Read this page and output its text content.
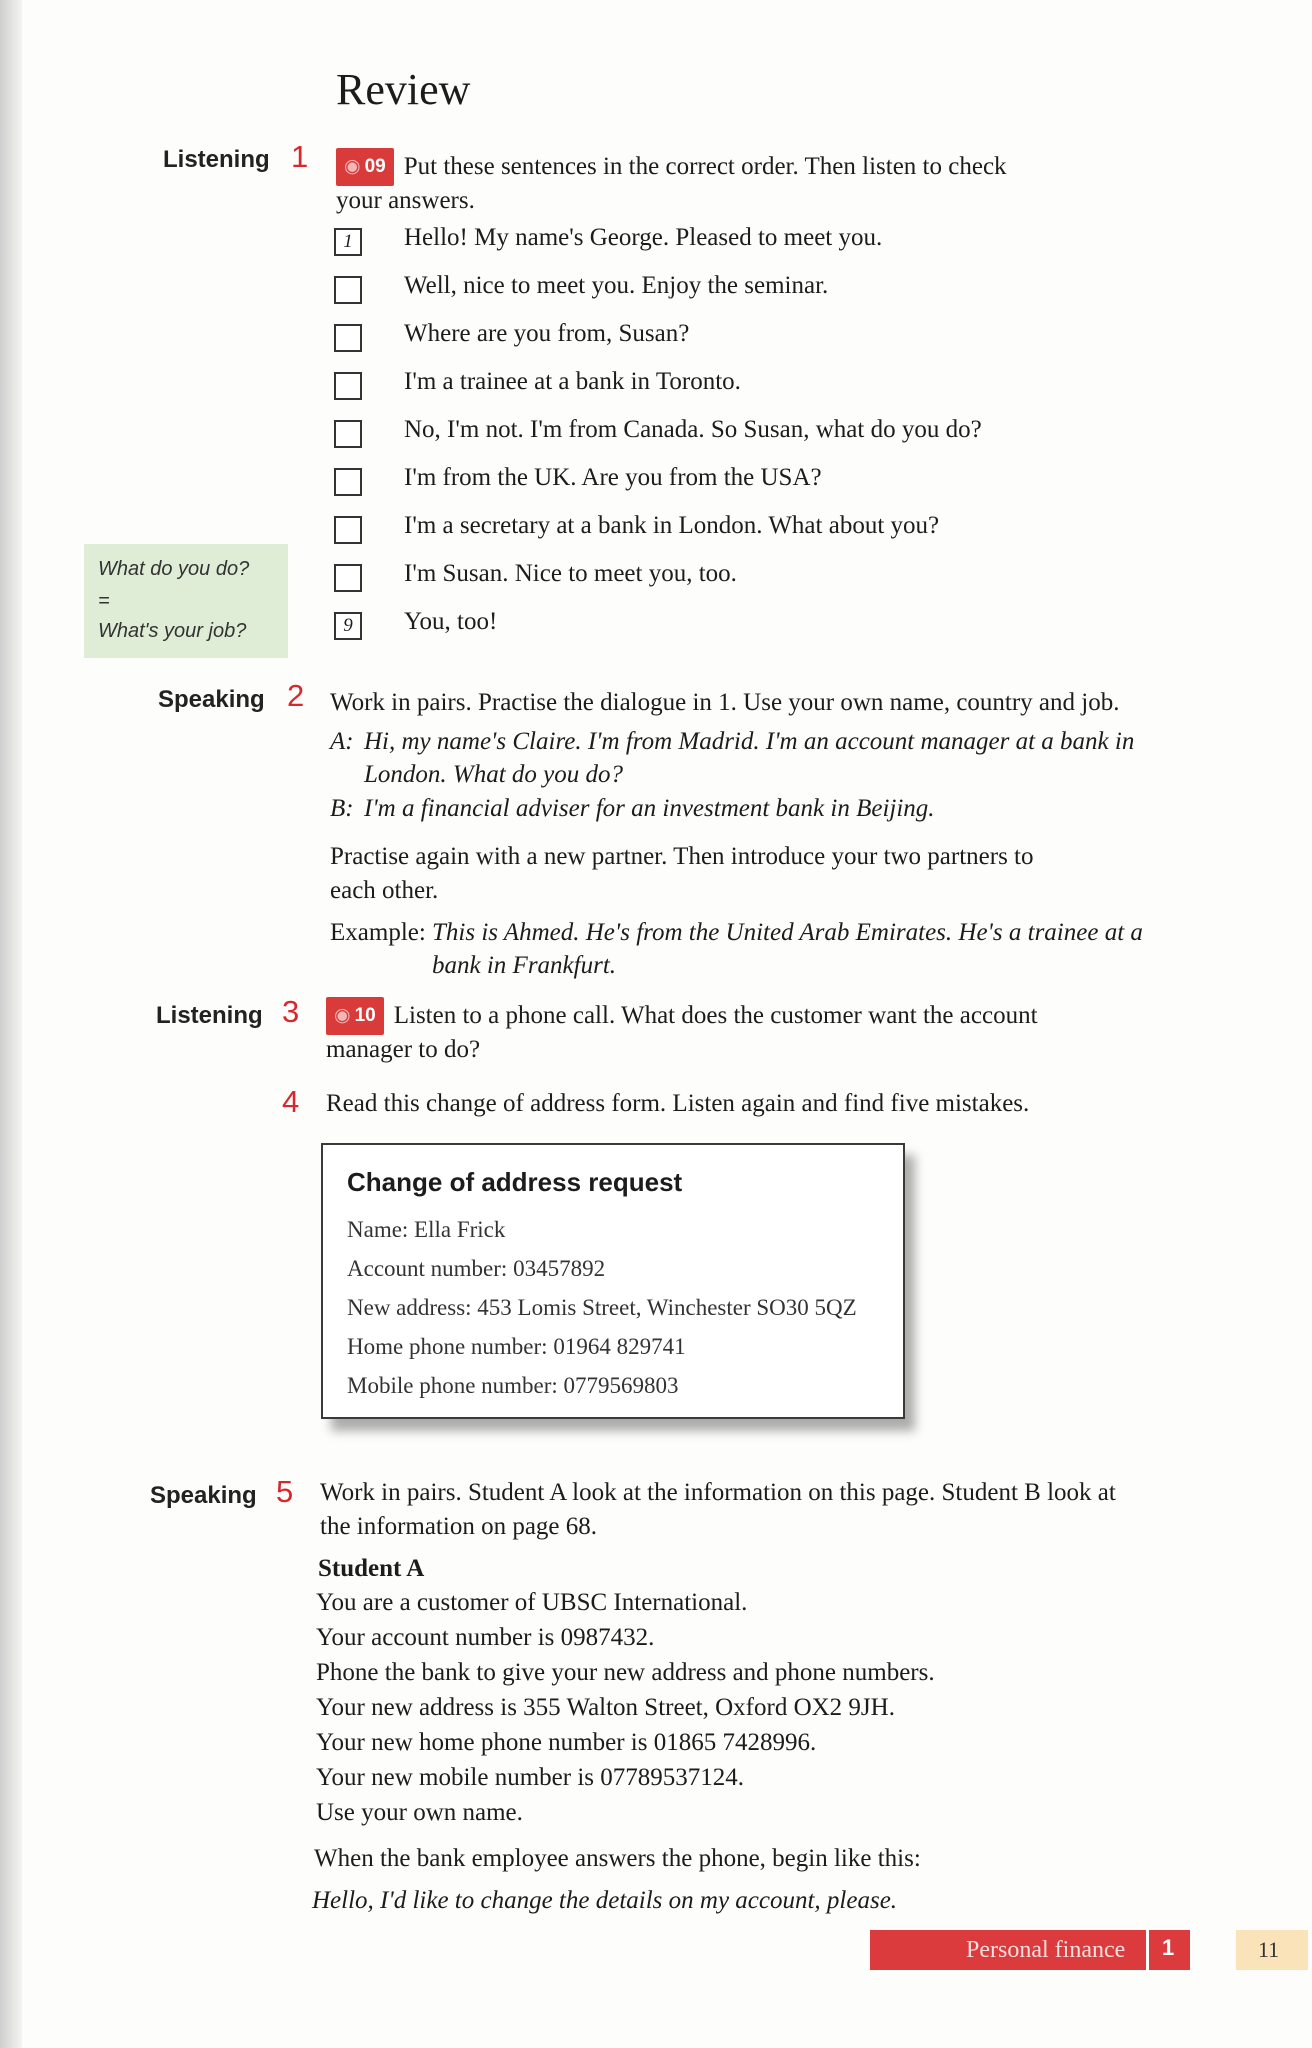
Review
Listening 1	◉ 09 Put these sentences in the correct order. Then listen to check
your answers.
1	Hello! My name's George. Pleased to meet you.
Well, nice to meet you. Enjoy the seminar.
Where are you from, Susan?
I'm a trainee at a bank in Toronto.
No, I'm not. I'm from Canada. So Susan, what do you do?
I'm from the UK. Are you from the USA?
I'm a secretary at a bank in London. What about you?
I'm Susan. Nice to meet you, too.
9	You, too!
What do you do?
=
What's your job?
Speaking 2 Work in pairs. Practise the dialogue in 1. Use your own name, country and job.
A: Hi, my name's Claire. I'm from Madrid. I'm an account manager at a bank in
London. What do you do?
B: I'm a financial adviser for an investment bank in Beijing.
Practise again with a new partner. Then introduce your two partners to
each other.
Example: This is Ahmed. He's from the United Arab Emirates. He's a trainee at a
bank in Frankfurt.
Listening 3	◉ 10 Listen to a phone call. What does the customer want the account
manager to do?
4 Read this change of address form. Listen again and find five mistakes.
Change of address request
Name: Ella Frick
Account number: 03457892
New address: 453 Lomis Street, Winchester SO30 5QZ
Home phone number: 01964 829741
Mobile phone number: 0779569803
Speaking 5 Work in pairs. Student A look at the information on this page. Student B look at
the information on page 68.
Student A
You are a customer of UBSC International.
Your account number is 0987432.
Phone the bank to give your new address and phone numbers.
Your new address is 355 Walton Street, Oxford OX2 9JH.
Your new home phone number is 01865 7428996.
Your new mobile number is 07789537124.
Use your own name.
When the bank employee answers the phone, begin like this:
Hello, I'd like to change the details on my account, please.
Personal finance 1	11
